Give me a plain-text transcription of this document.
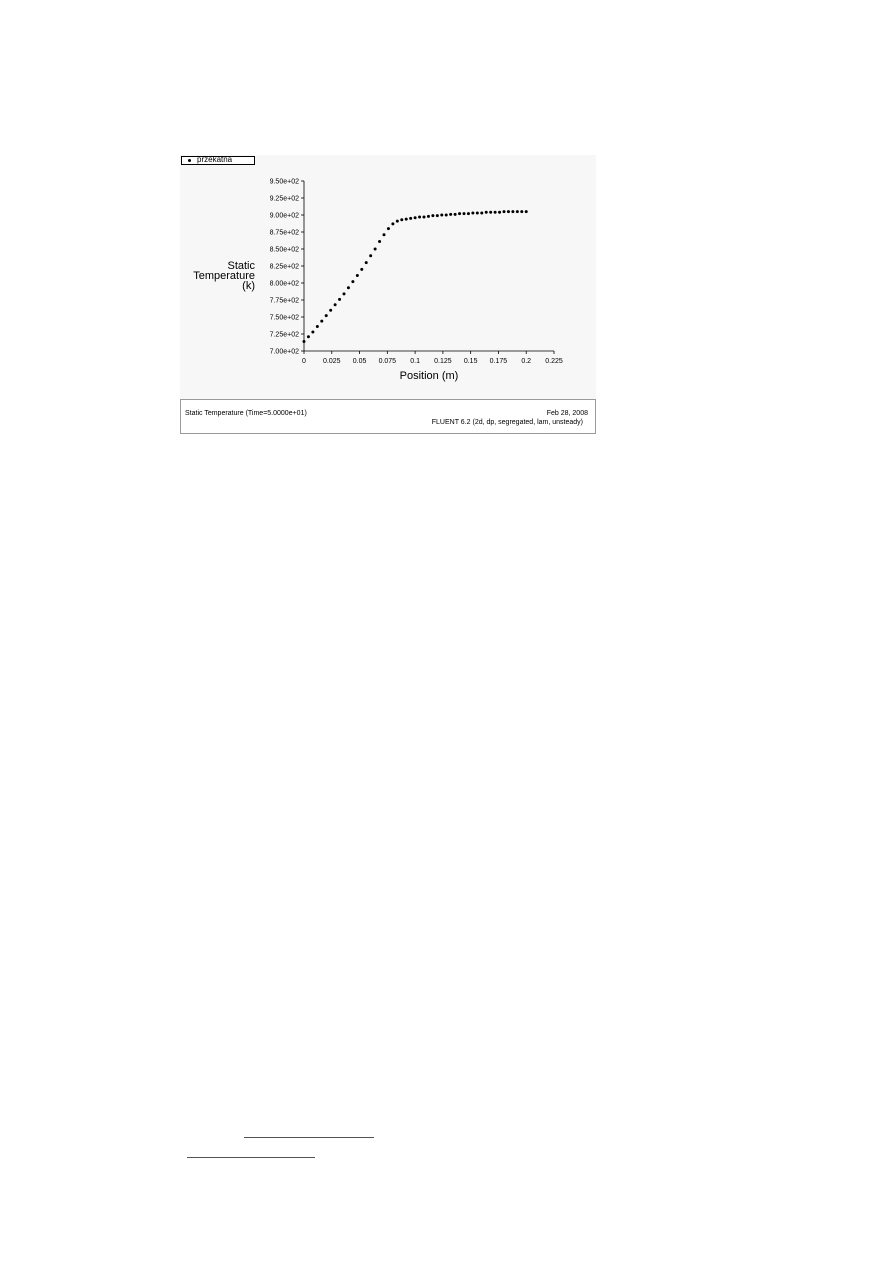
7.00e+02
7.25e+02
7.50e+02
7.75e+02
8.00e+02
8.25e+02
8.50e+02
8.75e+02
9.00e+02
9.25e+02
9.50e+02
0 0.025 0.05 0.075 0.1 0.125 0.15 0.175 0.2 0.225
Position (m)
Static
Temperature
(k)
przekatna
Static Temperature (Time=5.0000e+01)	Feb 28, 2008
FLUENT 6.2 (2d, dp, segregated, lam, unsteady)
